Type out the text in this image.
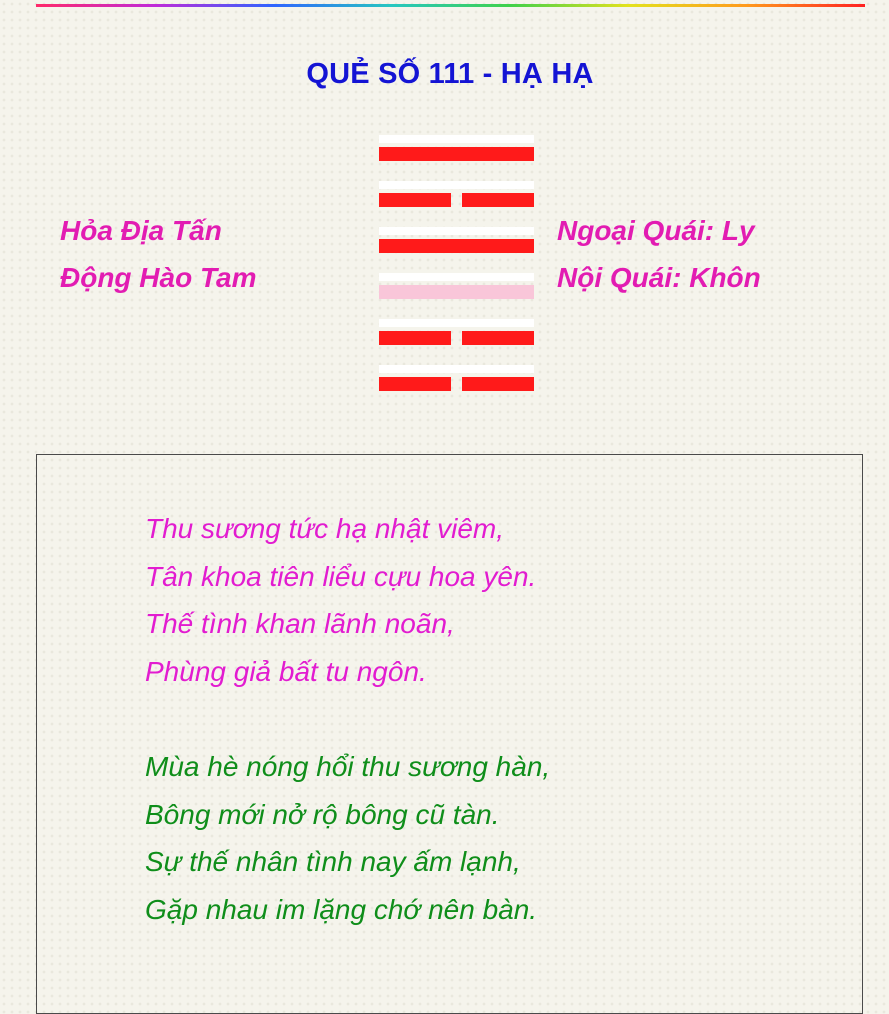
QUẺ SỐ 111 - HẠ HẠ
Hỏa Địa Tấn
Động Hào Tam
Ngoại Quái: Ly
Nội Quái: Khôn
Thu sương tức hạ nhật viêm,
Tân khoa tiên liểu cựu hoa yên.
Thế tình khan lãnh noãn,
Phùng giả bất tu ngôn.
Mùa hè nóng hổi thu sương hàn,
Bông mới nở rộ bông cũ tàn.
Sự thế nhân tình nay ấm lạnh,
Gặp nhau im lặng chớ nên bàn.
